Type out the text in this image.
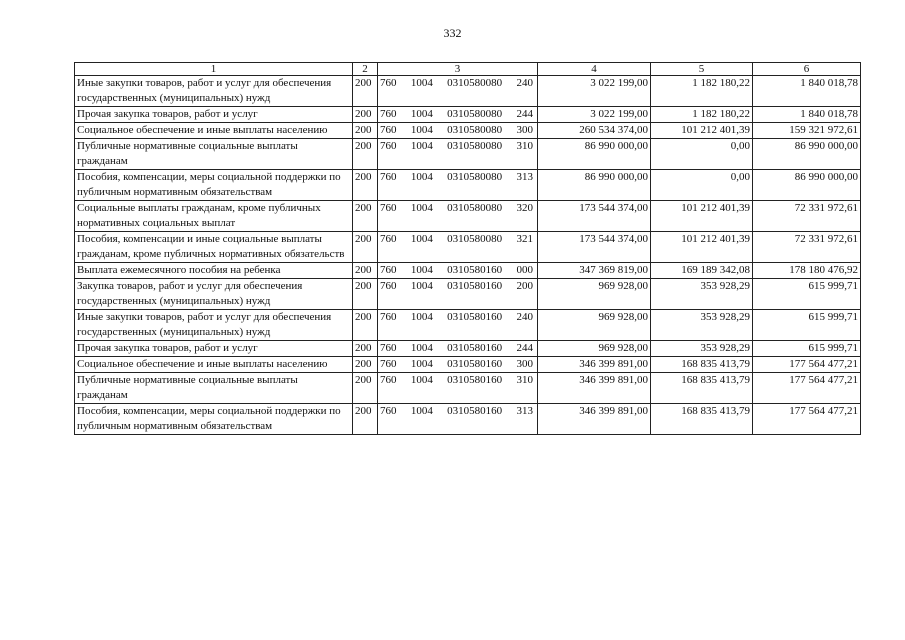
332
1	2	3	4	5	6
Иные закупки товаров, работ и услуг для обеспечения государственных (муниципальных) нужд	200	760 1004 0310580080 240	3 022 199,00	1 182 180,22	1 840 018,78
Прочая закупка товаров, работ и услуг	200	760 1004 0310580080 244	3 022 199,00	1 182 180,22	1 840 018,78
Социальное обеспечение и иные выплаты населению	200	760 1004 0310580080 300	260 534 374,00	101 212 401,39	159 321 972,61
Публичные нормативные социальные выплаты гражданам	200	760 1004 0310580080 310	86 990 000,00	0,00	86 990 000,00
Пособия, компенсации, меры социальной поддержки по публичным нормативным обязательствам	200	760 1004 0310580080 313	86 990 000,00	0,00	86 990 000,00
Социальные выплаты гражданам, кроме публичных нормативных социальных выплат	200	760 1004 0310580080 320	173 544 374,00	101 212 401,39	72 331 972,61
Пособия, компенсации и иные социальные выплаты гражданам, кроме публичных нормативных обязательств	200	760 1004 0310580080 321	173 544 374,00	101 212 401,39	72 331 972,61
Выплата ежемесячного пособия на ребенка	200	760 1004 0310580160 000	347 369 819,00	169 189 342,08	178 180 476,92
Закупка товаров, работ и услуг для обеспечения государственных (муниципальных) нужд	200	760 1004 0310580160 200	969 928,00	353 928,29	615 999,71
Иные закупки товаров, работ и услуг для обеспечения государственных (муниципальных) нужд	200	760 1004 0310580160 240	969 928,00	353 928,29	615 999,71
Прочая закупка товаров, работ и услуг	200	760 1004 0310580160 244	969 928,00	353 928,29	615 999,71
Социальное обеспечение и иные выплаты населению	200	760 1004 0310580160 300	346 399 891,00	168 835 413,79	177 564 477,21
Публичные нормативные социальные выплаты гражданам	200	760 1004 0310580160 310	346 399 891,00	168 835 413,79	177 564 477,21
Пособия, компенсации, меры социальной поддержки по публичным нормативным обязательствам	200	760 1004 0310580160 313	346 399 891,00	168 835 413,79	177 564 477,21
